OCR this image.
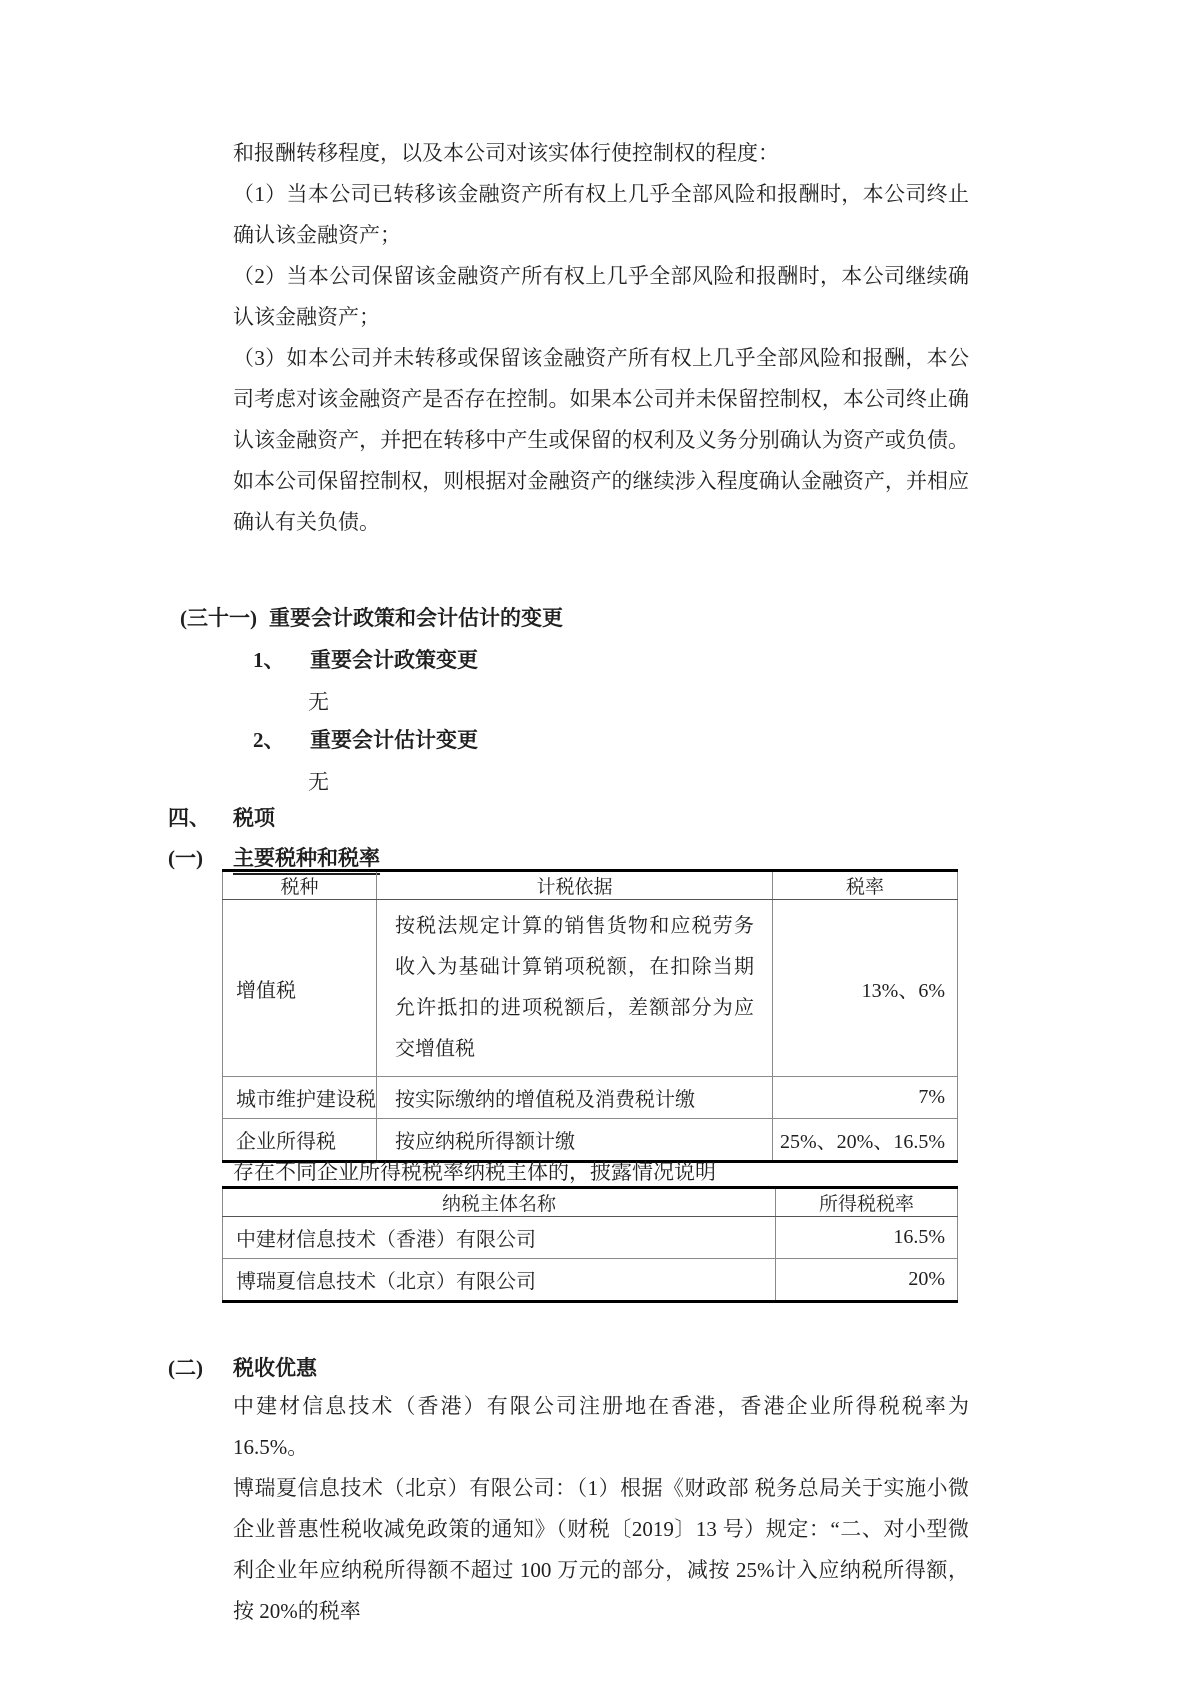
和报酬转移程度，以及本公司对该实体行使控制权的程度：

（1）当本公司已转移该金融资产所有权上几乎全部风险和报酬时，本公司终止确认该金融资产；

（2）当本公司保留该金融资产所有权上几乎全部风险和报酬时，本公司继续确认该金融资产；

（3）如本公司并未转移或保留该金融资产所有权上几乎全部风险和报酬，本公司考虑对该金融资产是否存在控制。如果本公司并未保留控制权，本公司终止确认该金融资产，并把在转移中产生或保留的权利及义务分别确认为资产或负债。如本公司保留控制权，则根据对金融资产的继续涉入程度确认金融资产，并相应确认有关负债。

(三十一) 重要会计政策和会计估计的变更
1、 重要会计政策变更
无
2、 重要会计估计变更
无
四、 税项
(一) 主要税种和税率
税种	计税依据	税率
增值税	按税法规定计算的销售货物和应税劳务收入为基础计算销项税额，在扣除当期允许抵扣的进项税额后，差额部分为应交增值税	13%、6%
城市维护建设税	按实际缴纳的增值税及消费税计缴	7%
企业所得税	按应纳税所得额计缴	25%、20%、16.5%
存在不同企业所得税税率纳税主体的，披露情况说明
纳税主体名称	所得税税率
中建材信息技术（香港）有限公司	16.5%
博瑞夏信息技术（北京）有限公司	20%
(二) 税收优惠

中建材信息技术（香港）有限公司注册地在香港，香港企业所得税税率为 16.5%。

博瑞夏信息技术（北京）有限公司：（1）根据《财政部 税务总局关于实施小微企业普惠性税收减免政策的通知》（财税〔2019〕13 号）规定：“二、对小型微利企业年应纳税所得额不超过 100 万元的部分，减按 25%计入应纳税所得额，按 20%的税率
